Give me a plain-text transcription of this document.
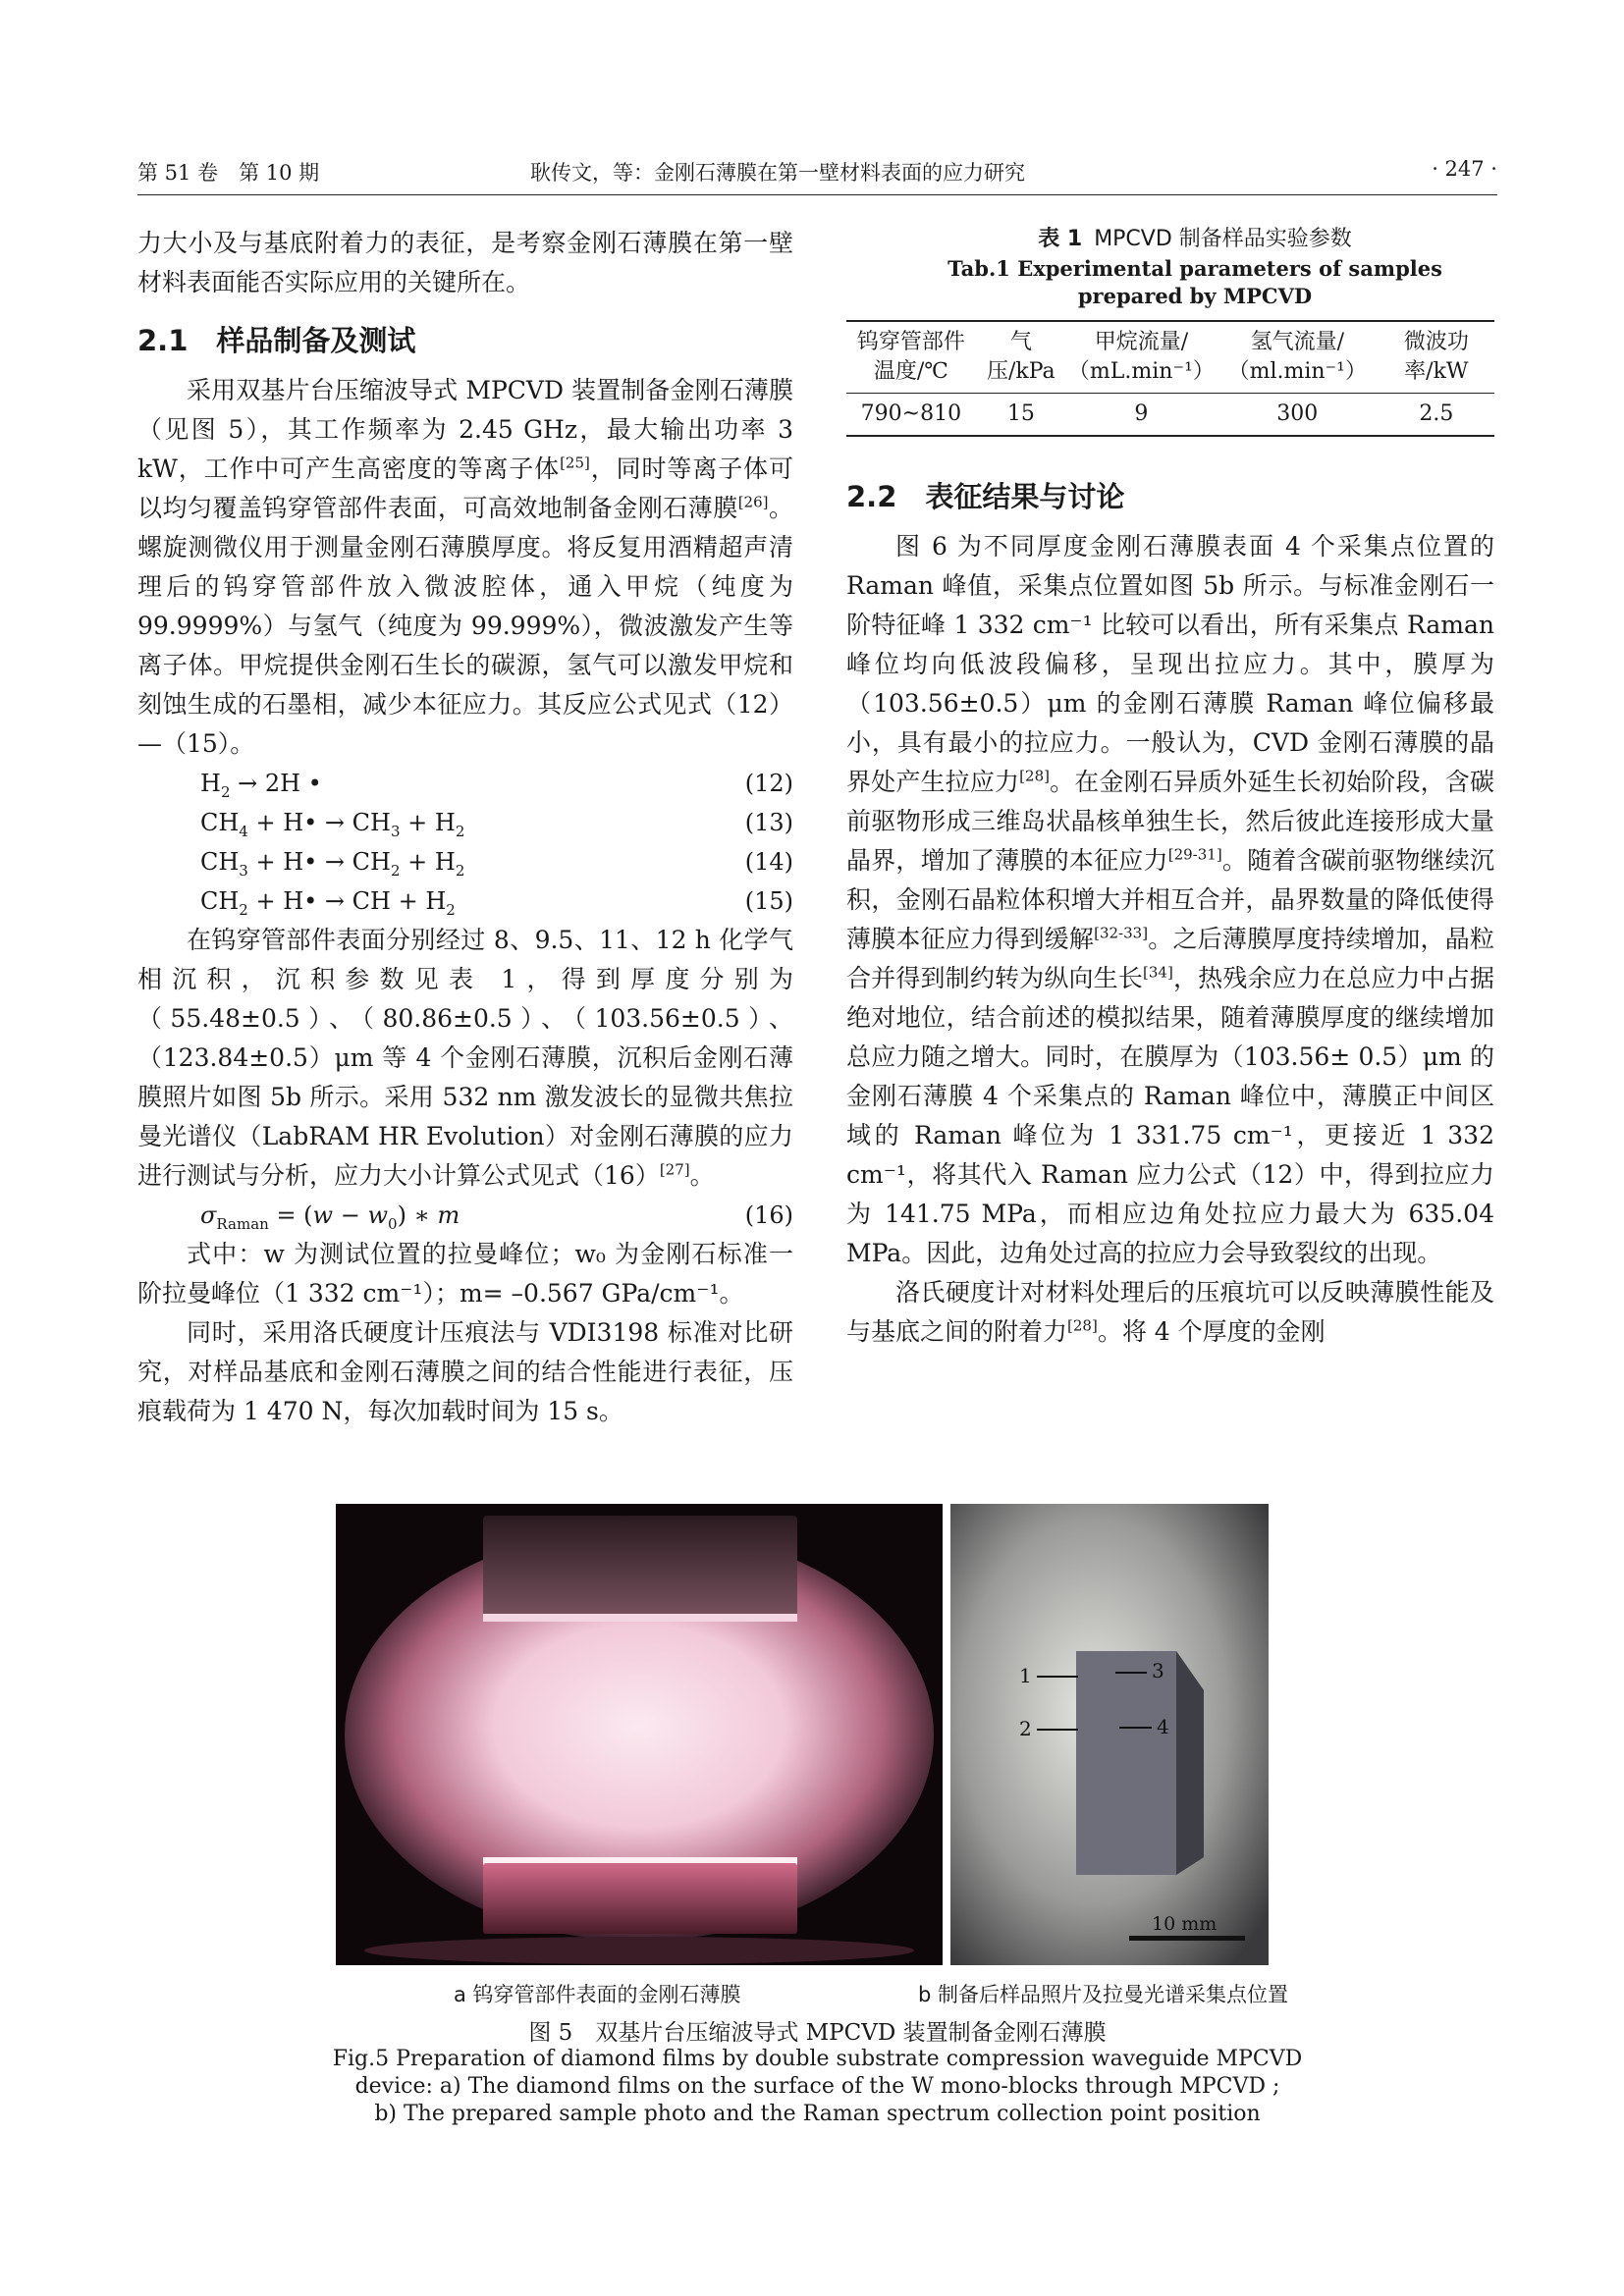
第 51 卷　第 10 期	耿传文，等：金刚石薄膜在第一壁材料表面的应力研究	· 247 ·

力大小及与基底附着力的表征，是考察金刚石薄膜在第一壁材料表面能否实际应用的关键所在。

2.1　样品制备及测试

采用双基片台压缩波导式 MPCVD 装置制备金刚石薄膜（见图 5），其工作频率为 2.45 GHz，最大输出功率 3 kW，工作中可产生高密度的等离子体[25]，同时等离子体可以均匀覆盖钨穿管部件表面，可高效地制备金刚石薄膜[26]。螺旋测微仪用于测量金刚石薄膜厚度。将反复用酒精超声清理后的钨穿管部件放入微波腔体，通入甲烷（纯度为 99.9999%）与氢气（纯度为 99.999%），微波激发产生等离子体。甲烷提供金刚石生长的碳源，氢气可以激发甲烷和刻蚀生成的石墨相，减少本征应力。其反应公式见式（12）—（15）。

$H_2 \to 2H$ •	(12)
$CH_4$ + H• → $CH_3 + H_2$	(13)
$CH_3$ + H• → $CH_2 + H_2$	(14)
$CH_2$ + H• → CH + $H_2$	(15)

在钨穿管部件表面分别经过 8、9.5、11、12 h 化学气相沉积，沉积参数见表 1，得到厚度分别为（55.48±0.5）、（80.86±0.5）、（103.56±0.5）、（123.84±0.5）μm 等 4 个金刚石薄膜，沉积后金刚石薄膜照片如图 5b 所示。采用 532 nm 激发波长的显微共焦拉曼光谱仪（LabRAM HR Evolution）对金刚石薄膜的应力进行测试与分析，应力大小计算公式见式（16）[27]。

$\sigma_{Raman} = (w - w_0)$ ∗ m	(16)

式中：w 为测试位置的拉曼峰位；w₀ 为金刚石标准一阶拉曼峰位（1 332 cm⁻¹）；m= –0.567 GPa/cm⁻¹。

同时，采用洛氏硬度计压痕法与 VDI3198 标准对比研究，对样品基底和金刚石薄膜之间的结合性能进行表征，压痕载荷为 1 470 N，每次加载时间为 15 s。

表 1 MPCVD 制备样品实验参数

Tab.1 Experimental parameters of samples

prepared by MPCVD

钨穿管部件温度/℃	气压/kPa	甲烷流量/（mL.min⁻¹）	氢气流量/（ml.min⁻¹）	微波功率/kW
790~810	15	9	300	2.5
2.2　表征结果与讨论

图 6 为不同厚度金刚石薄膜表面 4 个采集点位置的 Raman 峰值，采集点位置如图 5b 所示。与标准金刚石一阶特征峰 1 332 cm⁻¹ 比较可以看出，所有采集点 Raman 峰位均向低波段偏移，呈现出拉应力。其中，膜厚为（103.56±0.5）μm 的金刚石薄膜 Raman 峰位偏移最小，具有最小的拉应力。一般认为，CVD 金刚石薄膜的晶界处产生拉应力[28]。在金刚石异质外延生长初始阶段，含碳前驱物形成三维岛状晶核单独生长，然后彼此连接形成大量晶界，增加了薄膜的本征应力[29-31]。随着含碳前驱物继续沉积，金刚石晶粒体积增大并相互合并，晶界数量的降低使得薄膜本征应力得到缓解[32-33]。之后薄膜厚度持续增加，晶粒合并得到制约转为纵向生长[34]，热残余应力在总应力中占据绝对地位，结合前述的模拟结果，随着薄膜厚度的继续增加总应力随之增大。同时，在膜厚为（103.56± 0.5）μm 的金刚石薄膜 4 个采集点的 Raman 峰位中，薄膜正中间区域的 Raman 峰位为 1 331.75 cm⁻¹，更接近 1 332 cm⁻¹，将其代入 Raman 应力公式（12）中，得到拉应力为 141.75 MPa，而相应边角处拉应力最大为 635.04 MPa。因此，边角处过高的拉应力会导致裂纹的出现。

洛氏硬度计对材料处理后的压痕坑可以反映薄膜性能及与基底之间的附着力[28]。将 4 个厚度的金刚

1	3
2	4
10 mm
a 钨穿管部件表面的金刚石薄膜	b 制备后样品照片及拉曼光谱采集点位置
图 5　双基片台压缩波导式 MPCVD 装置制备金刚石薄膜
Fig.5 Preparation of diamond films by double substrate compression waveguide MPCVD
device: a) The diamond films on the surface of the W mono-blocks through MPCVD ;
b) The prepared sample photo and the Raman spectrum collection point position
